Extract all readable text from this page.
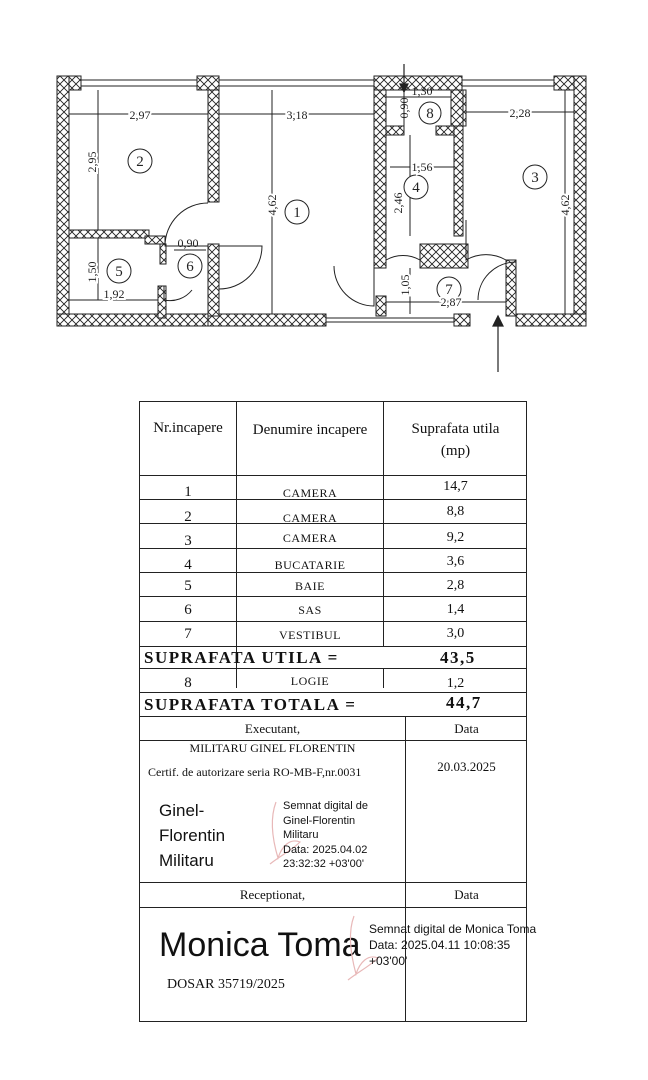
1
2
3
4
5	6
7
8
2,97	3,18
1,30
2,28
1,56
0,90
1,92
2,87
0,90
2,95
4,62	4,62
2,46
1,50
1,05
Nr.incapere	Denumire incapere	Suprafata utila
(mp)
1	CAMERA	14,7
2	CAMERA	8,8
3	CAMERA	9,2
4	BUCATARIE	3,6
5	BAIE	2,8
6	SAS	1,4
7	VESTIBUL	3,0
SUPRAFATA UTILA =	43,5
8	LOGIE	1,2
SUPRAFATA TOTALA =	44,7
Executant,	Data
MILITARU GINEL FLORENTIN
Certif. de autorizare seria RO-MB-F,nr.0031	20.03.2025
Ginel-
Florentin
Militaru
Semnat digital de
Ginel-Florentin
Militaru
Data: 2025.04.02
23:32:32 +03'00'
Receptionat,	Data
Monica Toma Semnat digital de Monica Toma
Data: 2025.04.11 10:08:35
+03'00'
DOSAR 35719/2025
